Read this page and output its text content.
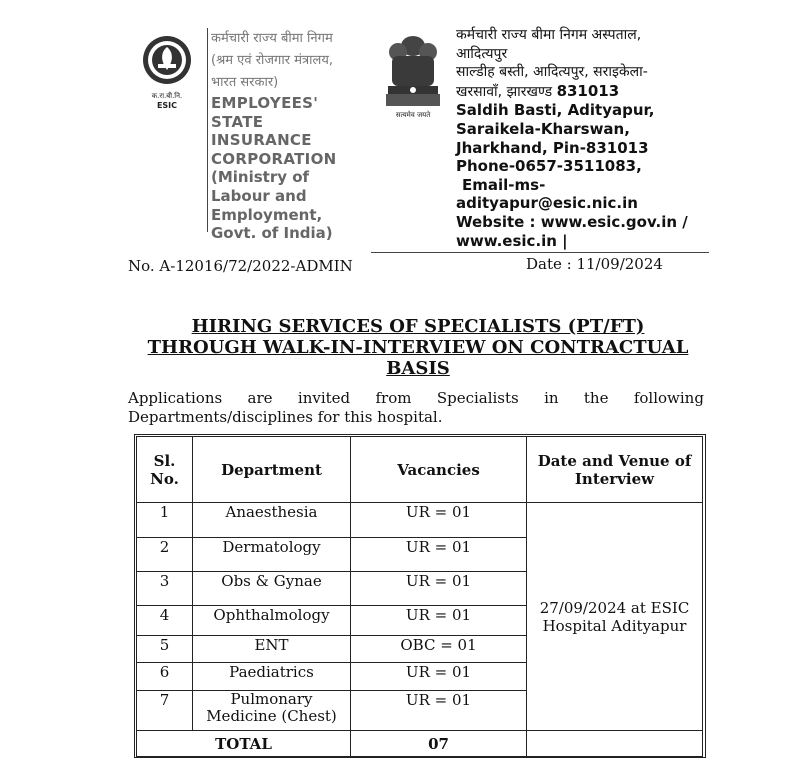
क.रा.बी.नि.
ESIC
कर्मचारी राज्य बीमा निगम
(श्रम एवं रोजगार मंत्रालय,
भारत सरकार)
EMPLOYEES'
STATE
INSURANCE
CORPORATION
(Ministry of
Labour and
Employment,
Govt. of India)
सत्यमेव जयते
कर्मचारी राज्य बीमा निगम अस्पताल,
आदित्यपुर
साल्डीह बस्ती, आदित्यपुर, सराइकेला-
खरसावाँ, झारखण्ड 831013
Saldih Basti, Adityapur,
Saraikela-Kharswan,
Jharkhand, Pin-831013
Phone-0657-3511083,
Email-ms-
adityapur@esic.nic.in
Website : www.esic.gov.in /
www.esic.in |
No. A-12016/72/2022-ADMIN	Date : 11/09/2024
HIRING SERVICES OF SPECIALISTS (PT/FT)
THROUGH WALK-IN-INTERVIEW ON CONTRACTUAL
BASIS
Applications are invited from Specialists in the following
Departments/disciplines for this hospital.
Sl. No.	Department	Vacancies	Date and Venue of Interview
1	Anaesthesia	UR = 01	27/09/2024 at ESIC Hospital Adityapur
2	Dermatology	UR = 01	
3	Obs & Gynae	UR = 01	
4	Ophthalmology	UR = 01	
5	ENT	OBC = 01	
6	Paediatrics	UR = 01	
7	Pulmonary Medicine (Chest)	UR = 01	
TOTAL		07	
